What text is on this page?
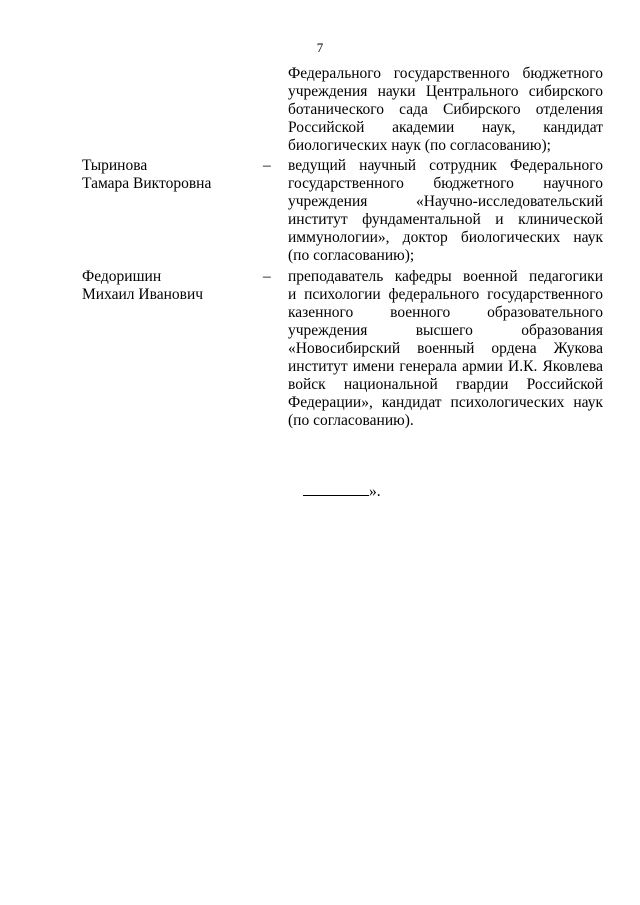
7
Федерального государственного бюджетного
учреждения науки Центрального сибирского
ботанического сада Сибирского отделения
Российской академии наук, кандидат
биологических наук (по согласованию);
Тыринова
Тамара Викторовна
– ведущий научный сотрудник Федерального
государственного бюджетного научного
учреждения «Научно-исследовательский
институт фундаментальной и клинической
иммунологии», доктор биологических наук
(по согласованию);
Федоришин
Михаил Иванович
– преподаватель кафедры военной педагогики
и психологии федерального государственного
казенного военного образовательного
учреждения высшего образования
«Новосибирский военный ордена Жукова
институт имени генерала армии И.К. Яковлева
войск национальной гвардии Российской
Федерации», кандидат психологических наук
(по согласованию).
».
